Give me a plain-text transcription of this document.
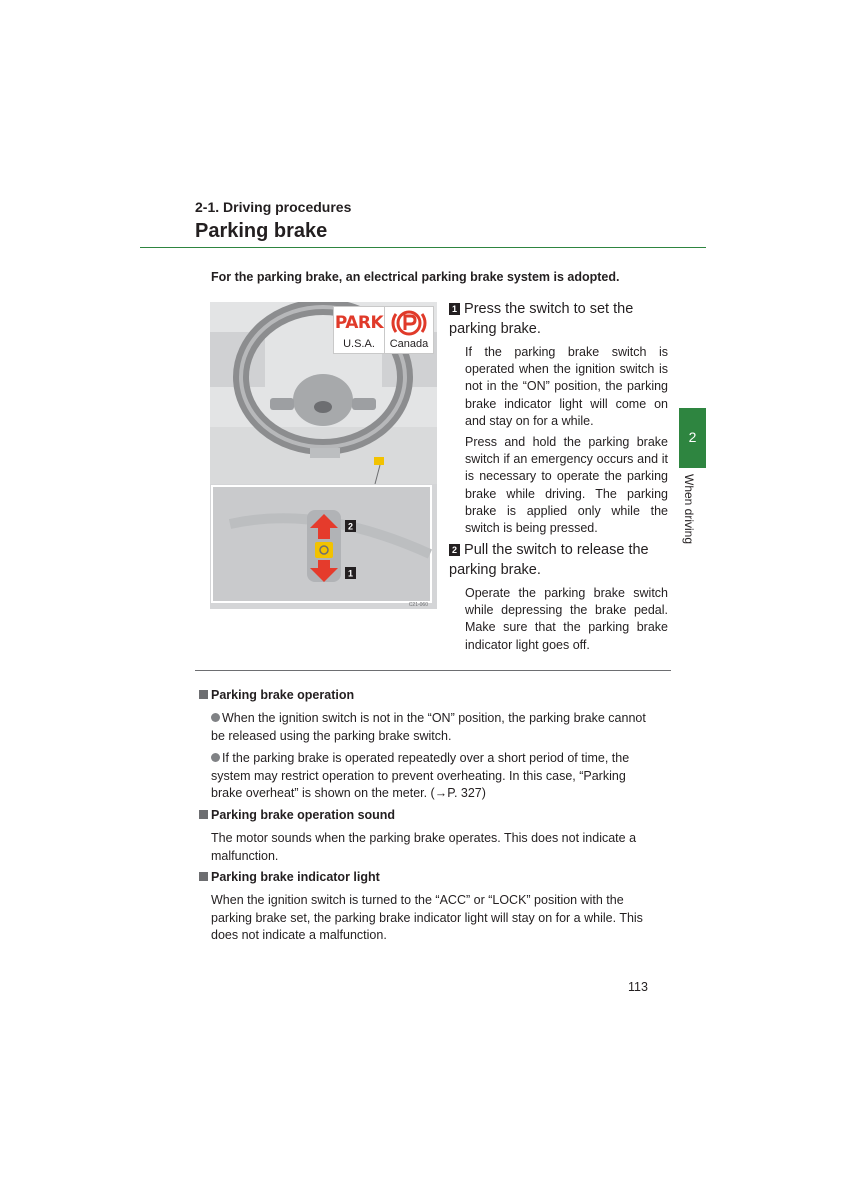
2-1. Driving procedures
Parking brake
For the parking brake, an electrical parking brake system is adopted.
2
1
C21-060
PARK
U.S.A.	Canada
1 Press the switch to set the parking brake.
If the parking brake switch is operated when the ignition switch is not in the “ON” position, the parking brake indicator light will come on and stay on for a while.
Press and hold the parking brake switch if an emergency occurs and it is necessary to operate the parking brake while driving. The parking brake is applied only while the switch is being pressed.
2 Pull the switch to release the parking brake.
Operate the parking brake switch while depressing the brake pedal. Make sure that the parking brake indicator light goes off.
Parking brake operation
When the ignition switch is not in the “ON” position, the parking brake cannot be released using the parking brake switch.
If the parking brake is operated repeatedly over a short period of time, the system may restrict operation to prevent overheating. In this case, “Parking brake overheat” is shown on the meter. (→P. 327)
Parking brake operation sound
The motor sounds when the parking brake operates. This does not indicate a malfunction.
Parking brake indicator light
When the ignition switch is turned to the “ACC” or “LOCK” position with the parking brake set, the parking brake indicator light will stay on for a while. This does not indicate a malfunction.
2
When driving
113
